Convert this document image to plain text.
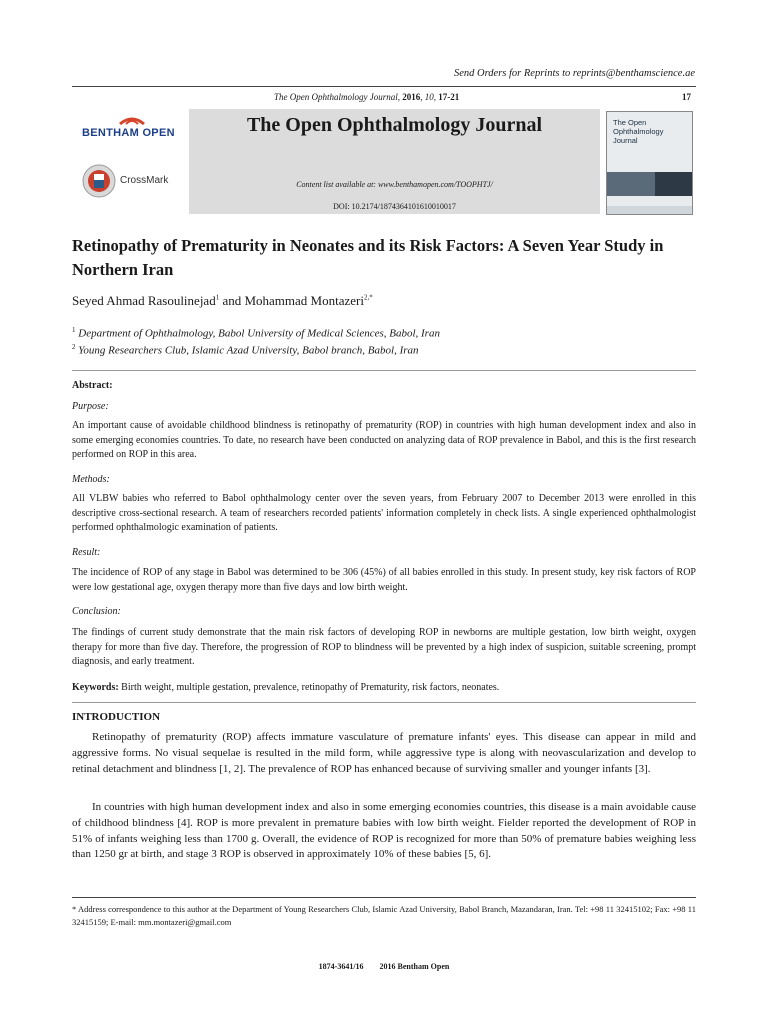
Send Orders for Reprints to reprints@benthamscience.ae
The Open Ophthalmology Journal, 2016, 10, 17-21	17
BENTHAM OPEN
CrossMark
The Open Ophthalmology Journal
Content list available at: www.benthamopen.com/TOOPHTJ/
DOI: 10.2174/1874364101610010017
The Open Ophthalmology Journal
Retinopathy of Prematurity in Neonates and its Risk Factors: A Seven Year Study in Northern Iran
Seyed Ahmad Rasoulinejad$^1$ and Mohammad Montazeri$^{2,*}$
$^1$ Department of Ophthalmology, Babol University of Medical Sciences, Babol, Iran
$^2$ Young Researchers Club, Islamic Azad University, Babol branch, Babol, Iran
Abstract:
Purpose:
An important cause of avoidable childhood blindness is retinopathy of prematurity (ROP) in countries with high human development index and also in some emerging economies countries. To date, no research have been conducted on analyzing data of ROP prevalence in Babol, and this is the first research performed on ROP in this area.
Methods:
All VLBW babies who referred to Babol ophthalmology center over the seven years, from February 2007 to December 2013 were enrolled in this descriptive cross-sectional research. A team of researchers recorded patients' information completely in check lists. A single experienced ophthalmologist performed ophthalmologic examination of patients.
Result:
The incidence of ROP of any stage in Babol was determined to be 306 (45%) of all babies enrolled in this study. In present study, key risk factors of ROP were low gestational age, oxygen therapy more than five days and low birth weight.
Conclusion:
The findings of current study demonstrate that the main risk factors of developing ROP in newborns are multiple gestation, low birth weight, oxygen therapy for more than five day. Therefore, the progression of ROP to blindness will be prevented by a high index of suspicion, suitable screening, prompt diagnosis, and early treatment.
Keywords: Birth weight, multiple gestation, prevalence, retinopathy of Prematurity, risk factors, neonates.
INTRODUCTION
Retinopathy of prematurity (ROP) affects immature vasculature of premature infants' eyes. This disease can appear in mild and aggressive forms. No visual sequelae is resulted in the mild form, while aggressive type is along with neovascularization and develop to retinal detachment and blindness [1, 2]. The prevalence of ROP has enhanced because of surviving smaller and younger infants [3].
In countries with high human development index and also in some emerging economies countries, this disease is a main avoidable cause of childhood blindness [4]. ROP is more prevalent in premature babies with low birth weight. Fielder reported the development of ROP in 51% of infants weighing less than 1700 g. Overall, the evidence of ROP is recognized for more than 50% of premature babies weighing less than 1250 gr at birth, and stage 3 ROP is observed in approximately 10% of these babies [5, 6].
* Address correspondence to this author at the Department of Young Researchers Club, Islamic Azad University, Babol Branch, Mazandaran, Iran. Tel: +98 11 32415102; Fax: +98 11 32415159; E-mail: mm.montazeri@gmail.com
1874-3641/16        2016 Bentham Open
